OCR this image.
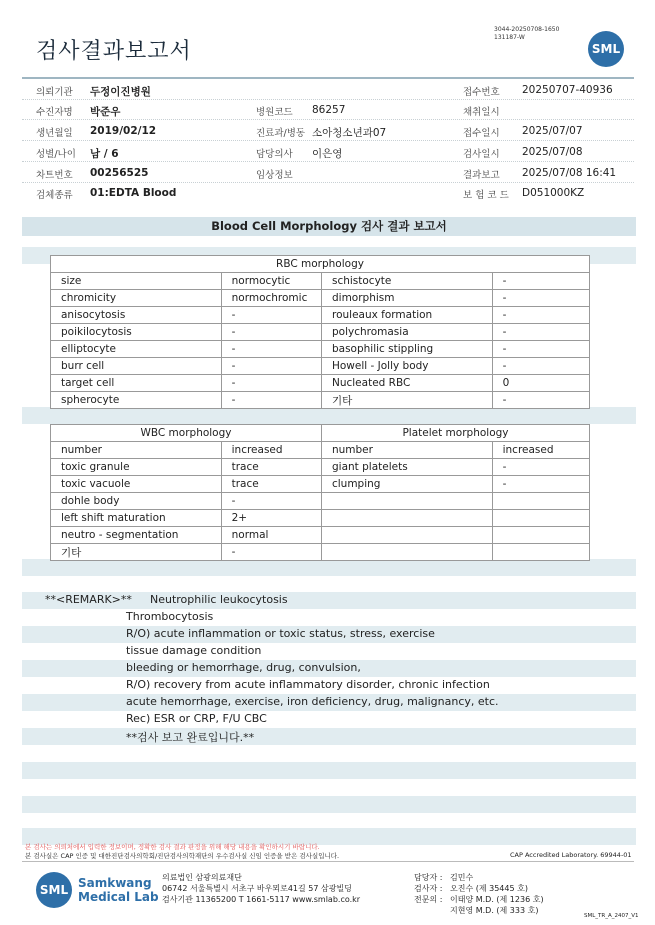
검사결과보고서
3044-20250708-1650
131187-W
SML
의뢰기관 두정이진병원	접수번호 20250707-40936
수진자명 박준우	병원코드 86257	채취일시
생년월일 2019/02/12	진료과/병동 소아청소년과07	접수일시 2025/07/07
성별/나이 남 / 6	담당의사 이은영	검사일시 2025/07/08
차트번호 00256525	임상정보	결과보고 2025/07/08 16:41
검체종류 01:EDTA Blood	보 험 코 드 D051000KZ
Blood Cell Morphology 검사 결과 보고서
RBC morphology			
size	normocytic	schistocyte	-
chromicity	normochromic	dimorphism	-
anisocytosis	-	rouleaux formation	-
poikilocytosis	-	polychromasia	-
elliptocyte	-	basophilic stippling	-
burr cell	-	Howell - Jolly body	-
target cell	-	Nucleated RBC	0
spherocyte	-	기타	-
WBC morphology		Platelet morphology	
number	increased	number	increased
toxic granule	trace	giant platelets	-
toxic vacuole	trace	clumping	-
dohle body	-		
left shift maturation	2+		
neutro - segmentation	normal		
기타	-		
**<REMARK>** Neutrophilic leukocytosis
Thrombocytosis
R/O) acute inflammation or toxic status, stress, exercise
tissue damage condition
bleeding or hemorrhage, drug, convulsion,
R/O) recovery from acute inflammatory disorder, chronic infection
acute hemorrhage, exercise, iron deficiency, drug, malignancy, etc.
Rec) ESR or CRP, F/U CBC
**검사 보고 완료입니다.**
본 검사는 의뢰처에서 입력한 정보이며, 정확한 검사 결과 판정을 위해 해당 내용을 확인하시기 바랍니다.
본 검사실은 CAP 인증 및 대한진단검사의학회/진단검사의학재단의 우수검사실 신임 인증을 받은 검사실입니다.	CAP Accredited Laboratory. 69944-01
SML Samkwang
Medical Lab
의료법인 삼광의료재단
06742 서울특별시 서초구 바우뫼로41길 57 삼광빌딩
검사기관 11365200 T 1661-5117 www.smlab.co.kr
담당자 : 김민수
검사자 : 오진수 (제 35445 호)
전문의 : 이태양 M.D. (제 1236 호)
지현영 M.D. (제 333 호)
SML_TR_A_2407_V1
